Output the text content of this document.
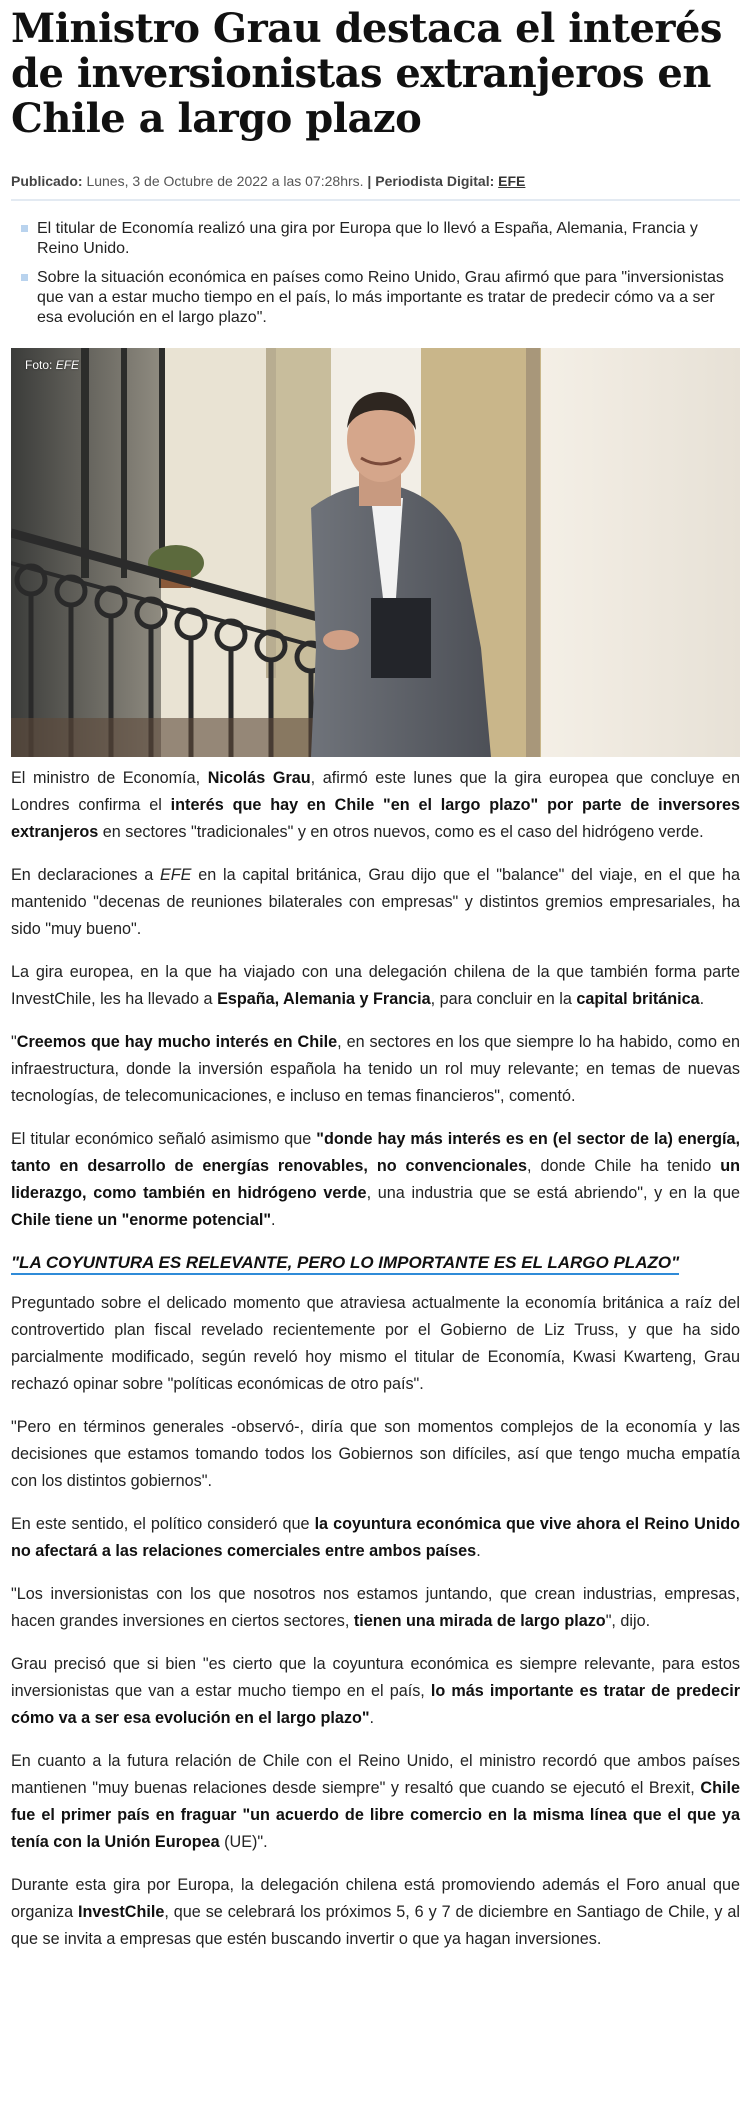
Ministro Grau destaca el interés de inversionistas extranjeros en Chile a largo plazo
Publicado: Lunes, 3 de Octubre de 2022 a las 07:28hrs. | Periodista Digital: EFE
El titular de Economía realizó una gira por Europa que lo llevó a España, Alemania, Francia y Reino Unido.
Sobre la situación económica en países como Reino Unido, Grau afirmó que para "inversionistas que van a estar mucho tiempo en el país, lo más importante es tratar de predecir cómo va a ser esa evolución en el largo plazo".
Foto: EFE

El ministro de Economía, Nicolás Grau, afirmó este lunes que la gira europea que concluye en Londres confirma el interés que hay en Chile "en el largo plazo" por parte de inversores extranjeros en sectores "tradicionales" y en otros nuevos, como es el caso del hidrógeno verde.

En declaraciones a EFE en la capital británica, Grau dijo que el "balance" del viaje, en el que ha mantenido "decenas de reuniones bilaterales con empresas" y distintos gremios empresariales, ha sido "muy bueno".

La gira europea, en la que ha viajado con una delegación chilena de la que también forma parte InvestChile, les ha llevado a España, Alemania y Francia, para concluir en la capital británica.

"Creemos que hay mucho interés en Chile, en sectores en los que siempre lo ha habido, como en infraestructura, donde la inversión española ha tenido un rol muy relevante; en temas de nuevas tecnologías, de telecomunicaciones, e incluso en temas financieros", comentó.

El titular económico señaló asimismo que "donde hay más interés es en (el sector de la) energía, tanto en desarrollo de energías renovables, no convencionales, donde Chile ha tenido un liderazgo, como también en hidrógeno verde, una industria que se está abriendo", y en la que Chile tiene un "enorme potencial".

"LA COYUNTURA ES RELEVANTE, PERO LO IMPORTANTE ES EL LARGO PLAZO"

Preguntado sobre el delicado momento que atraviesa actualmente la economía británica a raíz del controvertido plan fiscal revelado recientemente por el Gobierno de Liz Truss, y que ha sido parcialmente modificado, según reveló hoy mismo el titular de Economía, Kwasi Kwarteng, Grau rechazó opinar sobre "políticas económicas de otro país".

"Pero en términos generales -observó-, diría que son momentos complejos de la economía y las decisiones que estamos tomando todos los Gobiernos son difíciles, así que tengo mucha empatía con los distintos gobiernos".

En este sentido, el político consideró que la coyuntura económica que vive ahora el Reino Unido no afectará a las relaciones comerciales entre ambos países.

"Los inversionistas con los que nosotros nos estamos juntando, que crean industrias, empresas, hacen grandes inversiones en ciertos sectores, tienen una mirada de largo plazo", dijo.

Grau precisó que si bien "es cierto que la coyuntura económica es siempre relevante, para estos inversionistas que van a estar mucho tiempo en el país, lo más importante es tratar de predecir cómo va a ser esa evolución en el largo plazo".

En cuanto a la futura relación de Chile con el Reino Unido, el ministro recordó que ambos países mantienen "muy buenas relaciones desde siempre" y resaltó que cuando se ejecutó el Brexit, Chile fue el primer país en fraguar "un acuerdo de libre comercio en la misma línea que el que ya tenía con la Unión Europea (UE)".

Durante esta gira por Europa, la delegación chilena está promoviendo además el Foro anual que organiza InvestChile, que se celebrará los próximos 5, 6 y 7 de diciembre en Santiago de Chile, y al que se invita a empresas que estén buscando invertir o que ya hagan inversiones.
